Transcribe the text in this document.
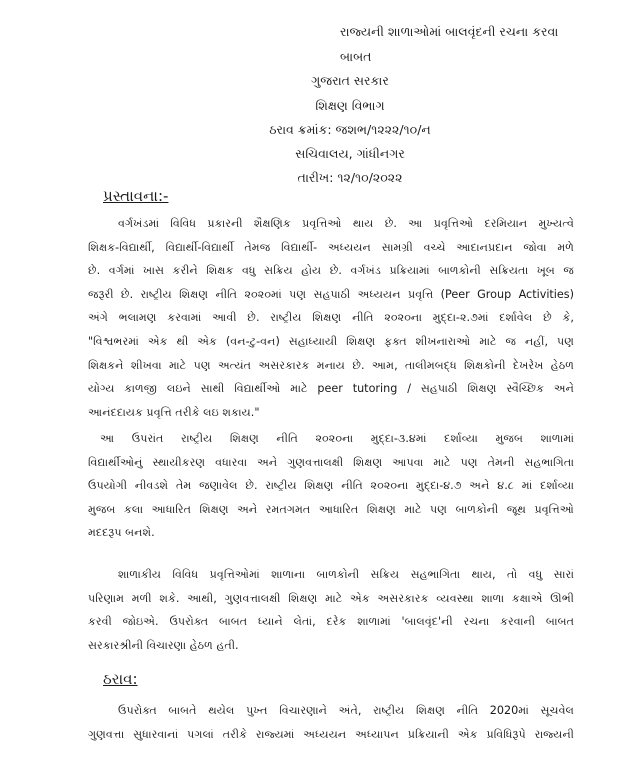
રાજ્યની શાળાઓમાં બાલવૃંદની રચના કરવા
બાબત
ગુજરાત સરકાર
શિક્ષણ વિભાગ
ઠરાવ ક્રમાંક: જશભ/૧૨૨૨/૧૦/ન
સચિવાલય, ગાંધીનગર
તારીખ: ૧૨/૧૦/૨૦૨૨
પ્રસ્તાવના:-
વર્ગખંડમાં વિવિધ પ્રકારની શૈક્ષણિક પ્રવૃત્તિઓ થાય છે. આ પ્રવૃત્તિઓ દરમિયાન મુખ્યત્વે
શિક્ષક-વિદ્યાર્થી, વિદ્યાર્થી-વિદ્યાર્થી તેમજ વિદ્યાર્થી- અધ્યયન સામગ્રી વચ્ચે આદાનપ્રદાન જોવા મળે
છે. વર્ગમાં ખાસ કરીને શિક્ષક વધુ સક્રિય હોય છે. વર્ગખંડ પ્રક્રિયામાં બાળકોની સક્રિયતા ખૂબ જ
જરૂરી છે. રાષ્ટ્રીય શિક્ષણ નીતિ ૨૦૨૦માં પણ સહપાઠી અધ્યયન પ્રવૃત્તિ (Peer Group Activities)
અંગે ભલામણ કરવામાં આવી છે. રાષ્ટ્રીય શિક્ષણ નીતિ ૨૦૨૦ના મુદ્દા-૨.૭માં દર્શાવેલ છે કે,
"વિશ્વભરમાં એક થી એક (વન-ટુ-વન) સહાધ્યાયી શિક્ષણ ફક્ત શીખનારાઓ માટે જ નહીં, પણ
શિક્ષકને શીખવા માટે પણ અત્યંત અસરકારક મનાય છે. આમ, તાલીમબદ્ધ શિક્ષકોની દેખરેખ હેઠળ
યોગ્ય કાળજી લઇને સાથી વિદ્યાર્થીઓ માટે peer tutoring / સહપાઠી શિક્ષણ સ્વૈચ્છિક અને
આનંદદાયક પ્રવૃત્તિ તરીકે લઇ શકાય."
આ ઉપરાંત રાષ્ટ્રીય શિક્ષણ નીતિ ૨૦૨૦ના મુદ્દા-૩.૪માં દર્શાવ્યા મુજબ શાળામાં
વિદ્યાર્થીઓનું સ્થાયીકરણ વધારવા અને ગુણવત્તાલક્ષી શિક્ષણ આપવા માટે પણ તેમની સહભાગિતા
ઉપયોગી નીવડશે તેમ જણાવેલ છે. રાષ્ટ્રીય શિક્ષણ નીતિ ૨૦૨૦ના મુદ્દા-૪.૭ અને ૪.૮ માં દર્શાવ્યા
મુજબ કલા આધારિત શિક્ષણ અને રમતગમત આધારિત શિક્ષણ માટે પણ બાળકોની જૂથ પ્રવૃત્તિઓ
મદદરૂપ બનશે.
શાળાકીય વિવિધ પ્રવૃત્તિઓમાં શાળાના બાળકોની સક્રિય સહભાગિતા થાય, તો વધુ સારાં
પરિણામ મળી શકે. આથી, ગુણવત્તાલક્ષી શિક્ષણ માટે એક અસરકારક વ્યવસ્થા શાળા કક્ષાએ ઊભી
કરવી જોઇએ. ઉપરોક્ત બાબત ધ્યાને લેતાં, દરેક શાળામાં 'બાલવૃંદ'ની રચના કરવાની બાબત
સરકારશ્રીની વિચારણા હેઠળ હતી.
ઠરાવ:
ઉપરોક્ત બાબતે થયેલ પુખ્ત વિચારણાને અંતે, રાષ્ટ્રીય શિક્ષણ નીતિ 2020માં સૂચવેલ
ગુણવત્તા સુધારવાનાં પગલાં તરીકે રાજ્યમાં અધ્યયન અધ્યાપન પ્રક્રિયાની એક પ્રવિધિરૂપે રાજ્યની
